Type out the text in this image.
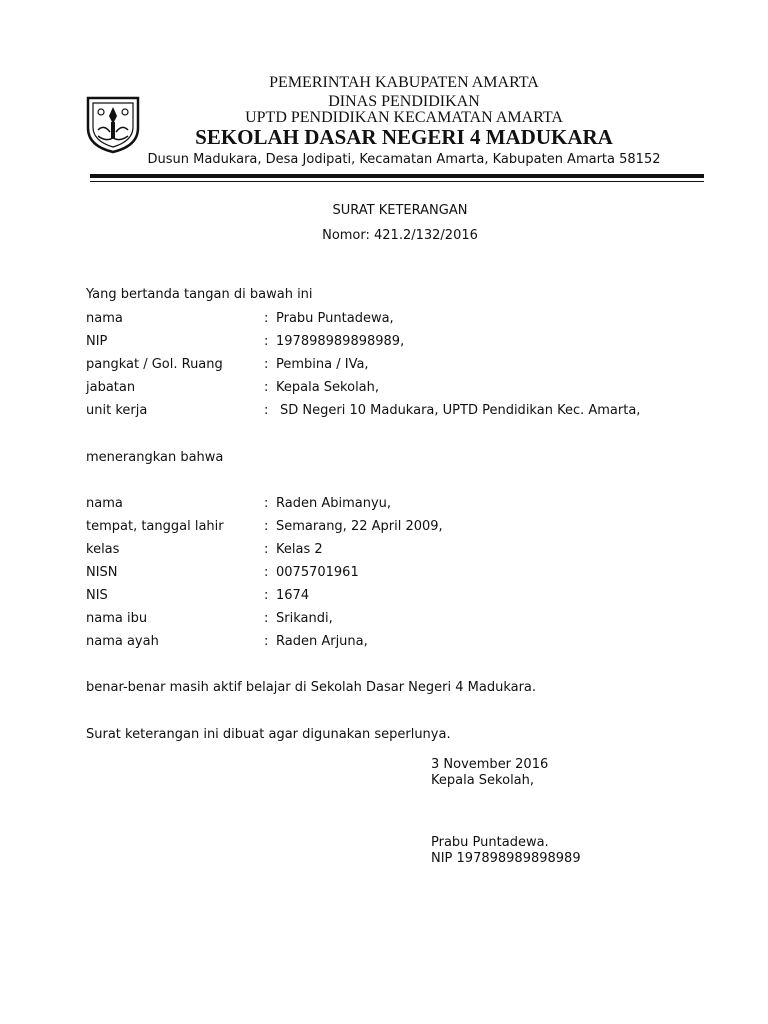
PEMERINTAH KABUPATEN AMARTA
DINAS PENDIDIKAN
UPTD PENDIDIKAN KECAMATAN AMARTA
SEKOLAH DASAR NEGERI 4 MADUKARA
Dusun Madukara, Desa Jodipati, Kecamatan Amarta, Kabupaten Amarta 58152
SURAT KETERANGAN
Nomor: 421.2/132/2016
Yang bertanda tangan di bawah ini
nama	: Prabu Puntadewa,
NIP	: 197898989898989,
pangkat / Gol. Ruang	: Pembina / IVa,
jabatan	: Kepala Sekolah,
unit kerja	: SD Negeri 10 Madukara, UPTD Pendidikan Kec. Amarta,
menerangkan bahwa
nama	: Raden Abimanyu,
tempat, tanggal lahir	: Semarang, 22 April 2009,
kelas	: Kelas 2
NISN	: 0075701961
NIS	: 1674
nama ibu	: Srikandi,
nama ayah	: Raden Arjuna,
benar-benar masih aktif belajar di Sekolah Dasar Negeri 4 Madukara.
Surat keterangan ini dibuat agar digunakan seperlunya.
3 November 2016
Kepala Sekolah,
Prabu Puntadewa.
NIP 197898989898989
